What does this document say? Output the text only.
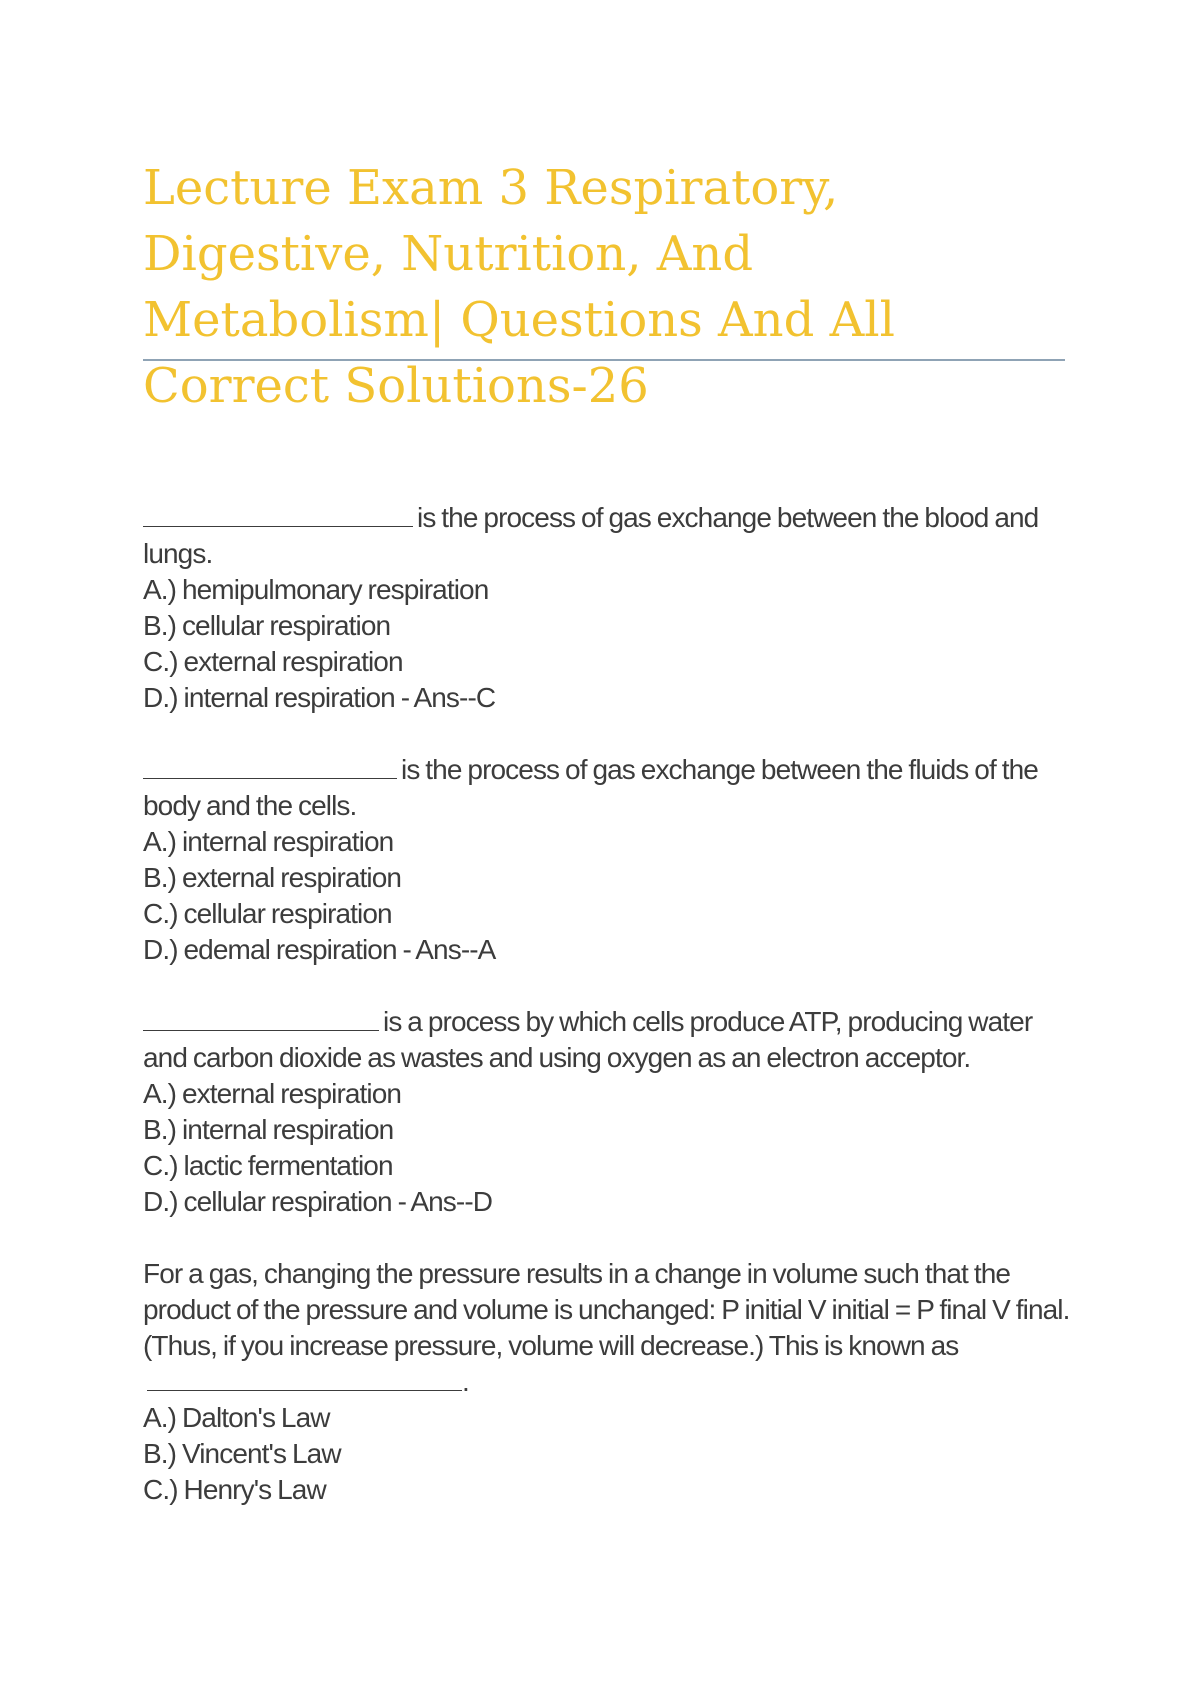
Lecture Exam 3 Respiratory, Digestive, Nutrition, And Metabolism| Questions And All Correct Solutions-26

is the process of gas exchange between the blood and lungs.

A.) hemipulmonary respiration
B.) cellular respiration
C.) external respiration
D.) internal respiration - Ans--C

is the process of gas exchange between the fluids of the body and the cells.

A.) internal respiration
B.) external respiration
C.) cellular respiration
D.) edemal respiration - Ans--A

is a process by which cells produce ATP, producing water and carbon dioxide as wastes and using oxygen as an electron acceptor.

A.) external respiration
B.) internal respiration
C.) lactic fermentation
D.) cellular respiration - Ans--D

For a gas, changing the pressure results in a change in volume such that the product of the pressure and volume is unchanged: P initial V initial = P final V final. (Thus, if you increase pressure, volume will decrease.) This is known as.

A.) Dalton's Law
B.) Vincent's Law
C.) Henry's Law
